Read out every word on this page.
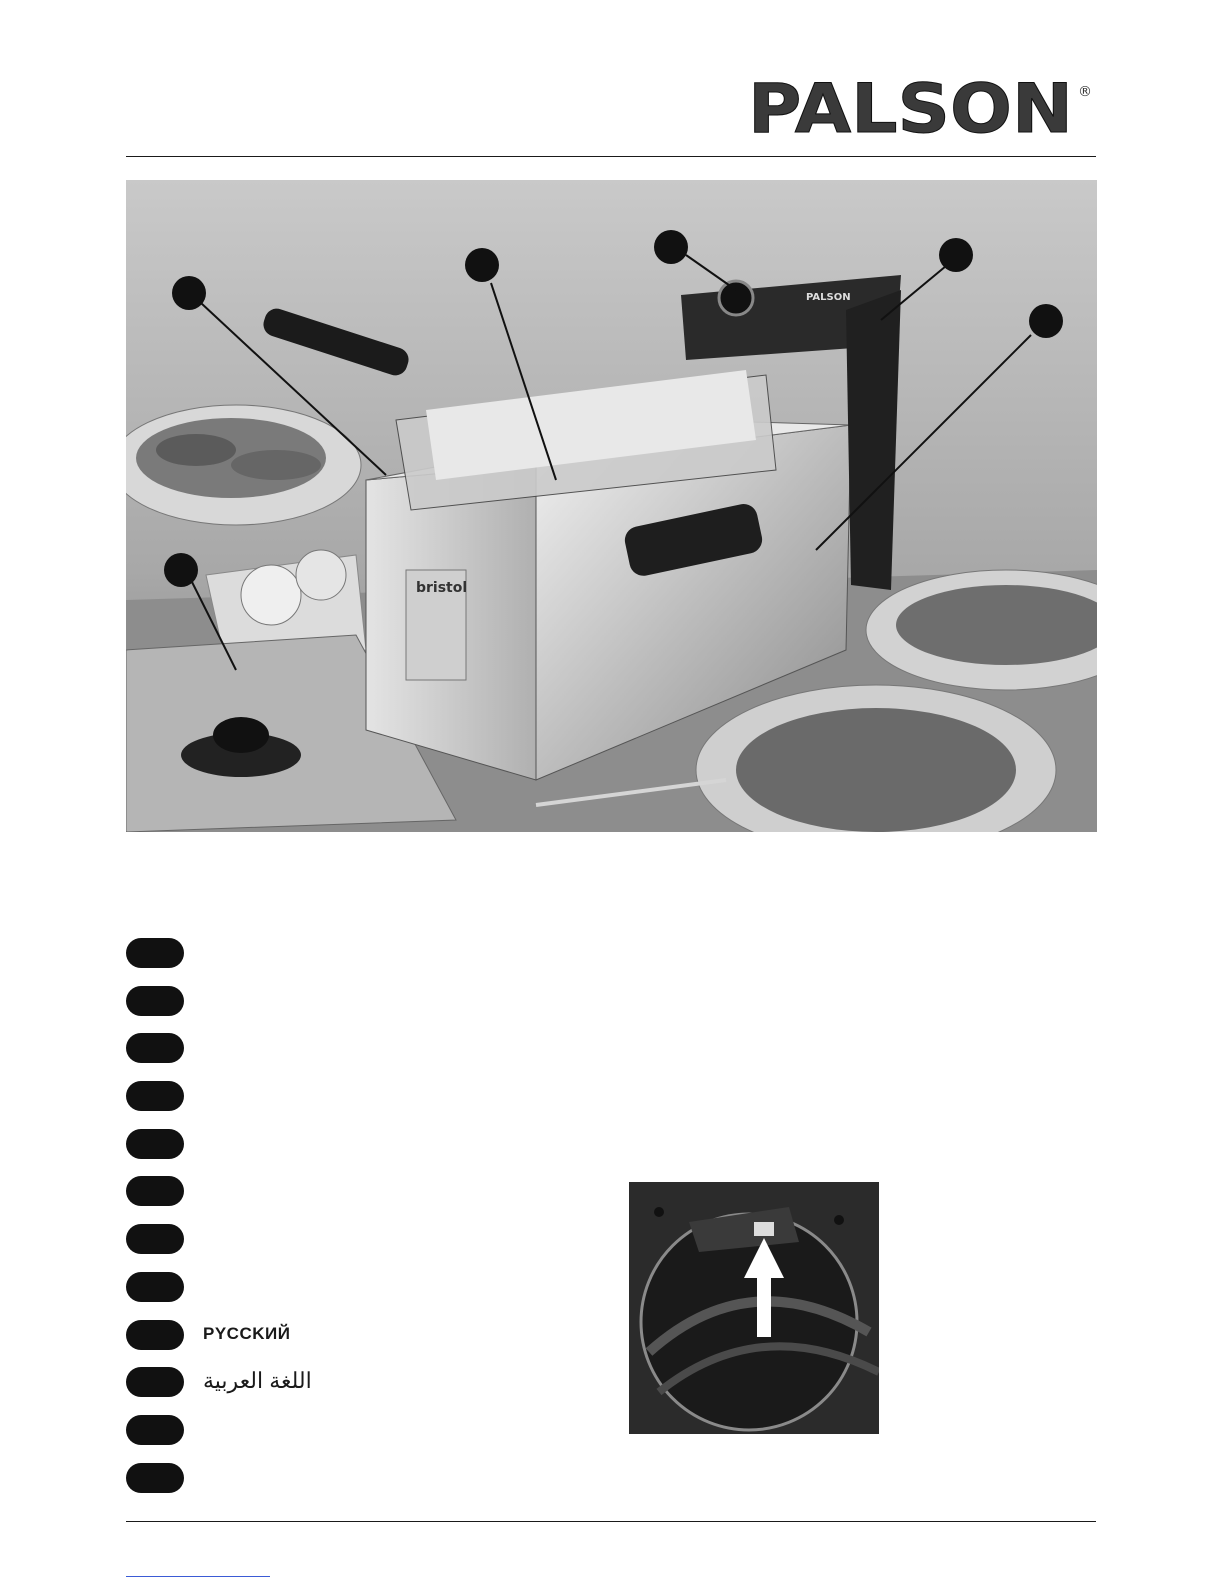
PALSON ®
bristol
PALSON
PYCCKИЙ
اللغة العربية
